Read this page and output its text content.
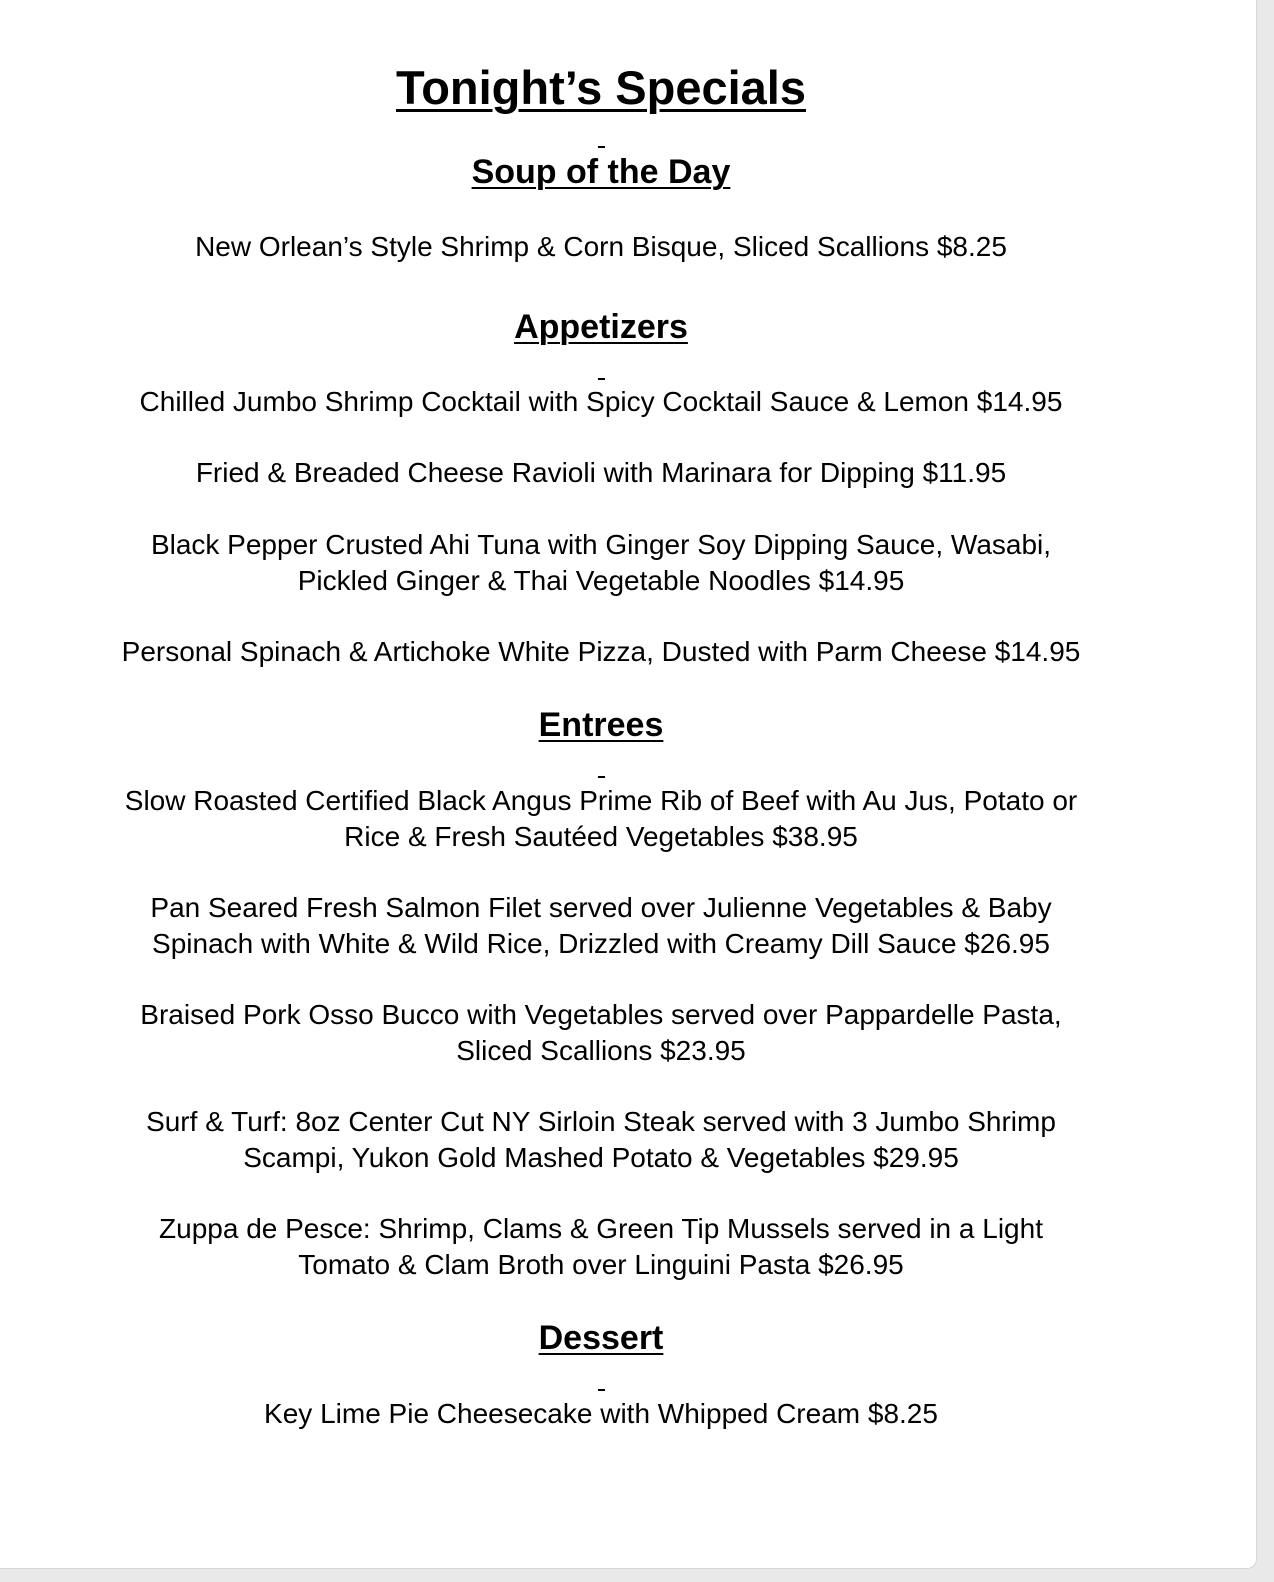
Tonight’s Specials
Soup of the Day

New Orlean’s Style Shrimp & Corn Bisque, Sliced Scallions $8.25

Appetizers

Chilled Jumbo Shrimp Cocktail with Spicy Cocktail Sauce & Lemon $14.95

Fried & Breaded Cheese Ravioli with Marinara for Dipping $11.95

Black Pepper Crusted Ahi Tuna with Ginger Soy Dipping Sauce, Wasabi,
Pickled Ginger & Thai Vegetable Noodles $14.95

Personal Spinach & Artichoke White Pizza, Dusted with Parm Cheese $14.95

Entrees

Slow Roasted Certified Black Angus Prime Rib of Beef with Au Jus, Potato or
Rice & Fresh Sautéed Vegetables $38.95

Pan Seared Fresh Salmon Filet served over Julienne Vegetables & Baby
Spinach with White & Wild Rice, Drizzled with Creamy Dill Sauce $26.95

Braised Pork Osso Bucco with Vegetables served over Pappardelle Pasta,
Sliced Scallions $23.95

Surf & Turf: 8oz Center Cut NY Sirloin Steak served with 3 Jumbo Shrimp
Scampi, Yukon Gold Mashed Potato & Vegetables $29.95

Zuppa de Pesce: Shrimp, Clams & Green Tip Mussels served in a Light
Tomato & Clam Broth over Linguini Pasta $26.95

Dessert

Key Lime Pie Cheesecake with Whipped Cream $8.25
